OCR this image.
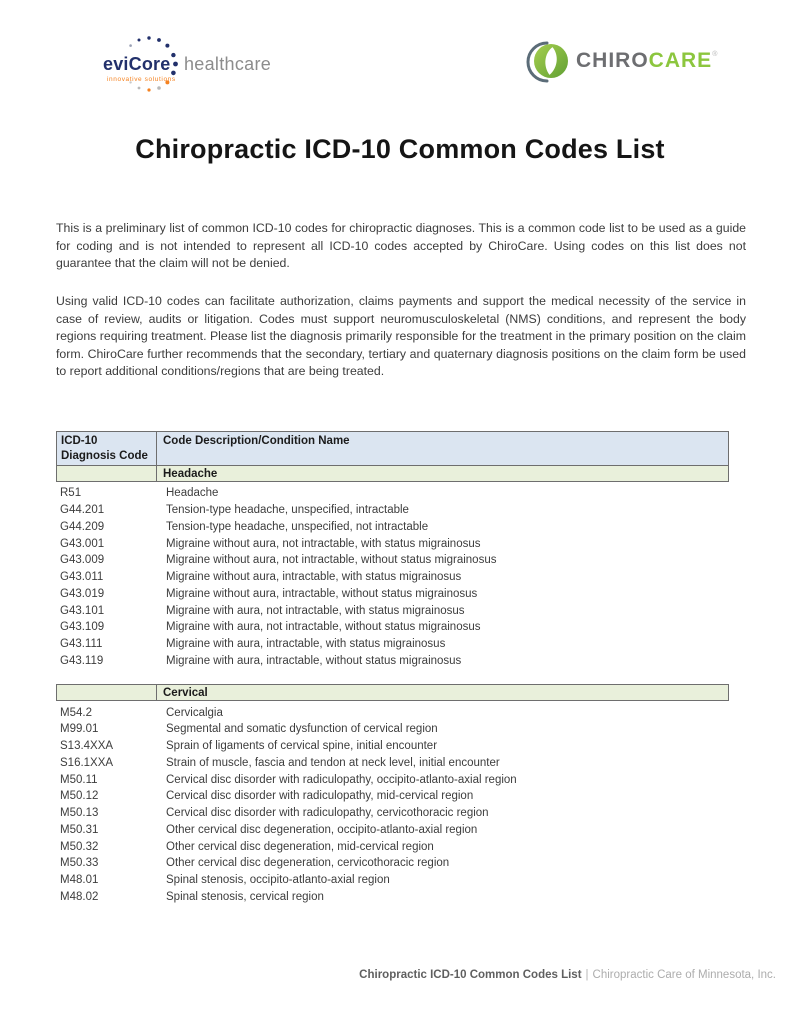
eviCore
innovative solutions
healthcare	CHIROCARE®
Chiropractic ICD-10 Common Codes List

This is a preliminary list of common ICD-10 codes for chiropractic diagnoses. This is a common code list to be used as a guide for coding and is not intended to represent all ICD-10 codes accepted by ChiroCare. Using codes on this list does not guarantee that the claim will not be denied.

Using valid ICD-10 codes can facilitate authorization, claims payments and support the medical necessity of the service in case of review, audits or litigation. Codes must support neuromusculoskeletal (NMS) conditions, and represent the body regions requiring treatment. Please list the diagnosis primarily responsible for the treatment in the primary position on the claim form. ChiroCare further recommends that the secondary, tertiary and quaternary diagnosis positions on the claim form be used to report additional conditions/regions that are being treated.

ICD-10
Diagnosis Code
Code Description/Condition Name
Headache
R51	Headache
G44.201	Tension-type headache, unspecified, intractable
G44.209	Tension-type headache, unspecified, not intractable
G43.001	Migraine without aura, not intractable, with status migrainosus
G43.009	Migraine without aura, not intractable, without status migrainosus
G43.011	Migraine without aura, intractable, with status migrainosus
G43.019	Migraine without aura, intractable, without status migrainosus
G43.101	Migraine with aura, not intractable, with status migrainosus
G43.109	Migraine with aura, not intractable, without status migrainosus
G43.111	Migraine with aura, intractable, with status migrainosus
G43.119	Migraine with aura, intractable, without status migrainosus
Cervical
M54.2	Cervicalgia
M99.01	Segmental and somatic dysfunction of cervical region
S13.4XXA	Sprain of ligaments of cervical spine, initial encounter
S16.1XXA	Strain of muscle, fascia and tendon at neck level, initial encounter
M50.11	Cervical disc disorder with radiculopathy, occipito-atlanto-axial region
M50.12	Cervical disc disorder with radiculopathy, mid-cervical region
M50.13	Cervical disc disorder with radiculopathy, cervicothoracic region
M50.31	Other cervical disc degeneration, occipito-atlanto-axial region
M50.32	Other cervical disc degeneration, mid-cervical region
M50.33	Other cervical disc degeneration, cervicothoracic region
M48.01	Spinal stenosis, occipito-atlanto-axial region
M48.02	Spinal stenosis, cervical region
Chiropractic ICD-10 Common Codes List | Chiropractic Care of Minnesota, Inc.
